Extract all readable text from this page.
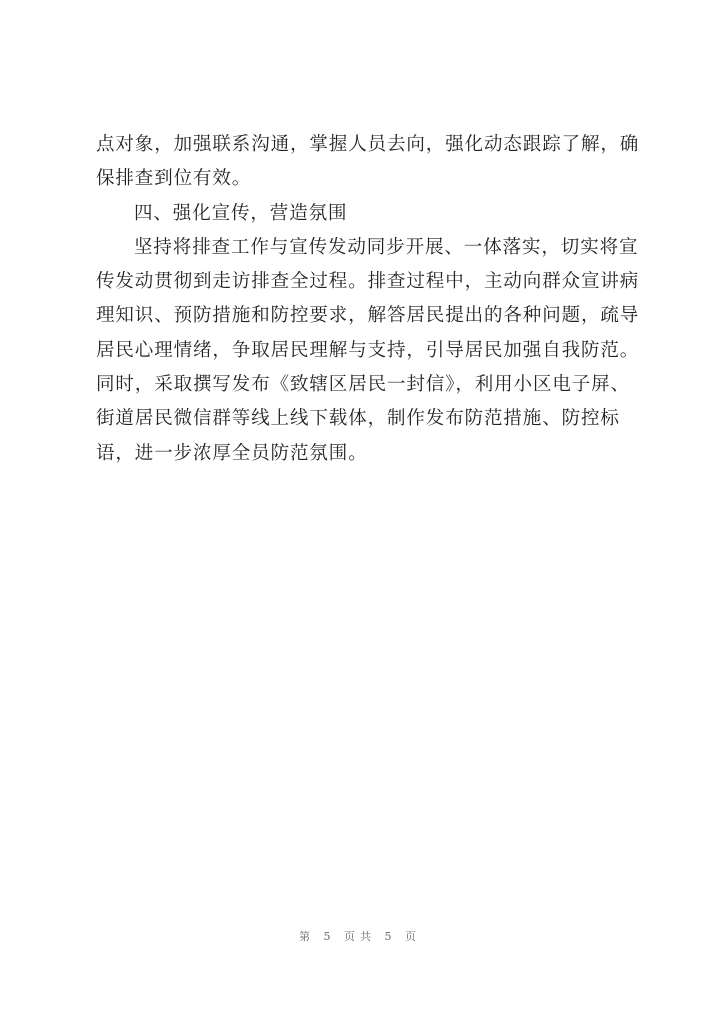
点对象，加强联系沟通，掌握人员去向，强化动态跟踪了解，确
保排查到位有效。
四、强化宣传，营造氛围
坚持将排查工作与宣传发动同步开展、一体落实，切实将宣
传发动贯彻到走访排查全过程。排查过程中，主动向群众宣讲病
理知识、预防措施和防控要求，解答居民提出的各种问题，疏导
居民心理情绪，争取居民理解与支持，引导居民加强自我防范。
同时，采取撰写发布《致辖区居民一封信》，利用小区电子屏、
街道居民微信群等线上线下载体，制作发布防范措施、防控标
语，进一步浓厚全员防范氛围。
第 5 页共 5 页
